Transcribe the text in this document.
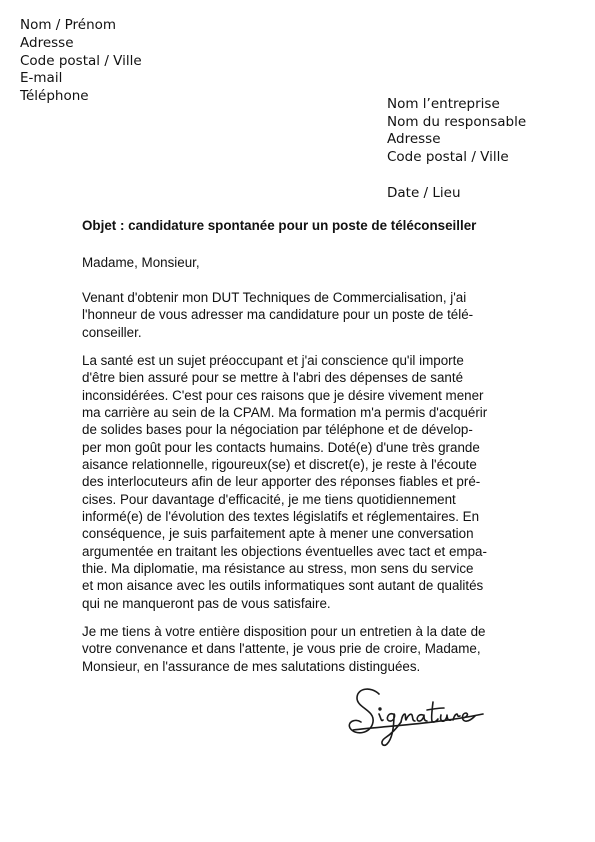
Nom / Prénom
Adresse
Code postal / Ville
E-mail
Téléphone	Nom l’entreprise
Nom du responsable
Adresse
Code postal / Ville
Date / Lieu
Objet : candidature spontanée pour un poste de téléconseiller
Madame, Monsieur,
Venant d'obtenir mon DUT Techniques de Commercialisation, j'ai
l'honneur de vous adresser ma candidature pour un poste de télé-
conseiller.
La santé est un sujet préoccupant et j'ai conscience qu'il importe
d'être bien assuré pour se mettre à l'abri des dépenses de santé
inconsidérées. C'est pour ces raisons que je désire vivement mener
ma carrière au sein de la CPAM. Ma formation m'a permis d'acquérir
de solides bases pour la négociation par téléphone et de dévelop-
per mon goût pour les contacts humains. Doté(e) d'une très grande
aisance relationnelle, rigoureux(se) et discret(e), je reste à l'écoute
des interlocuteurs afin de leur apporter des réponses fiables et pré-
cises. Pour davantage d'efficacité, je me tiens quotidiennement
informé(e) de l'évolution des textes législatifs et réglementaires. En
conséquence, je suis parfaitement apte à mener une conversation
argumentée en traitant les objections éventuelles avec tact et empa-
thie. Ma diplomatie, ma résistance au stress, mon sens du service
et mon aisance avec les outils informatiques sont autant de qualités
qui ne manqueront pas de vous satisfaire.
Je me tiens à votre entière disposition pour un entretien à la date de
votre convenance et dans l'attente, je vous prie de croire, Madame,
Monsieur, en l'assurance de mes salutations distinguées.
